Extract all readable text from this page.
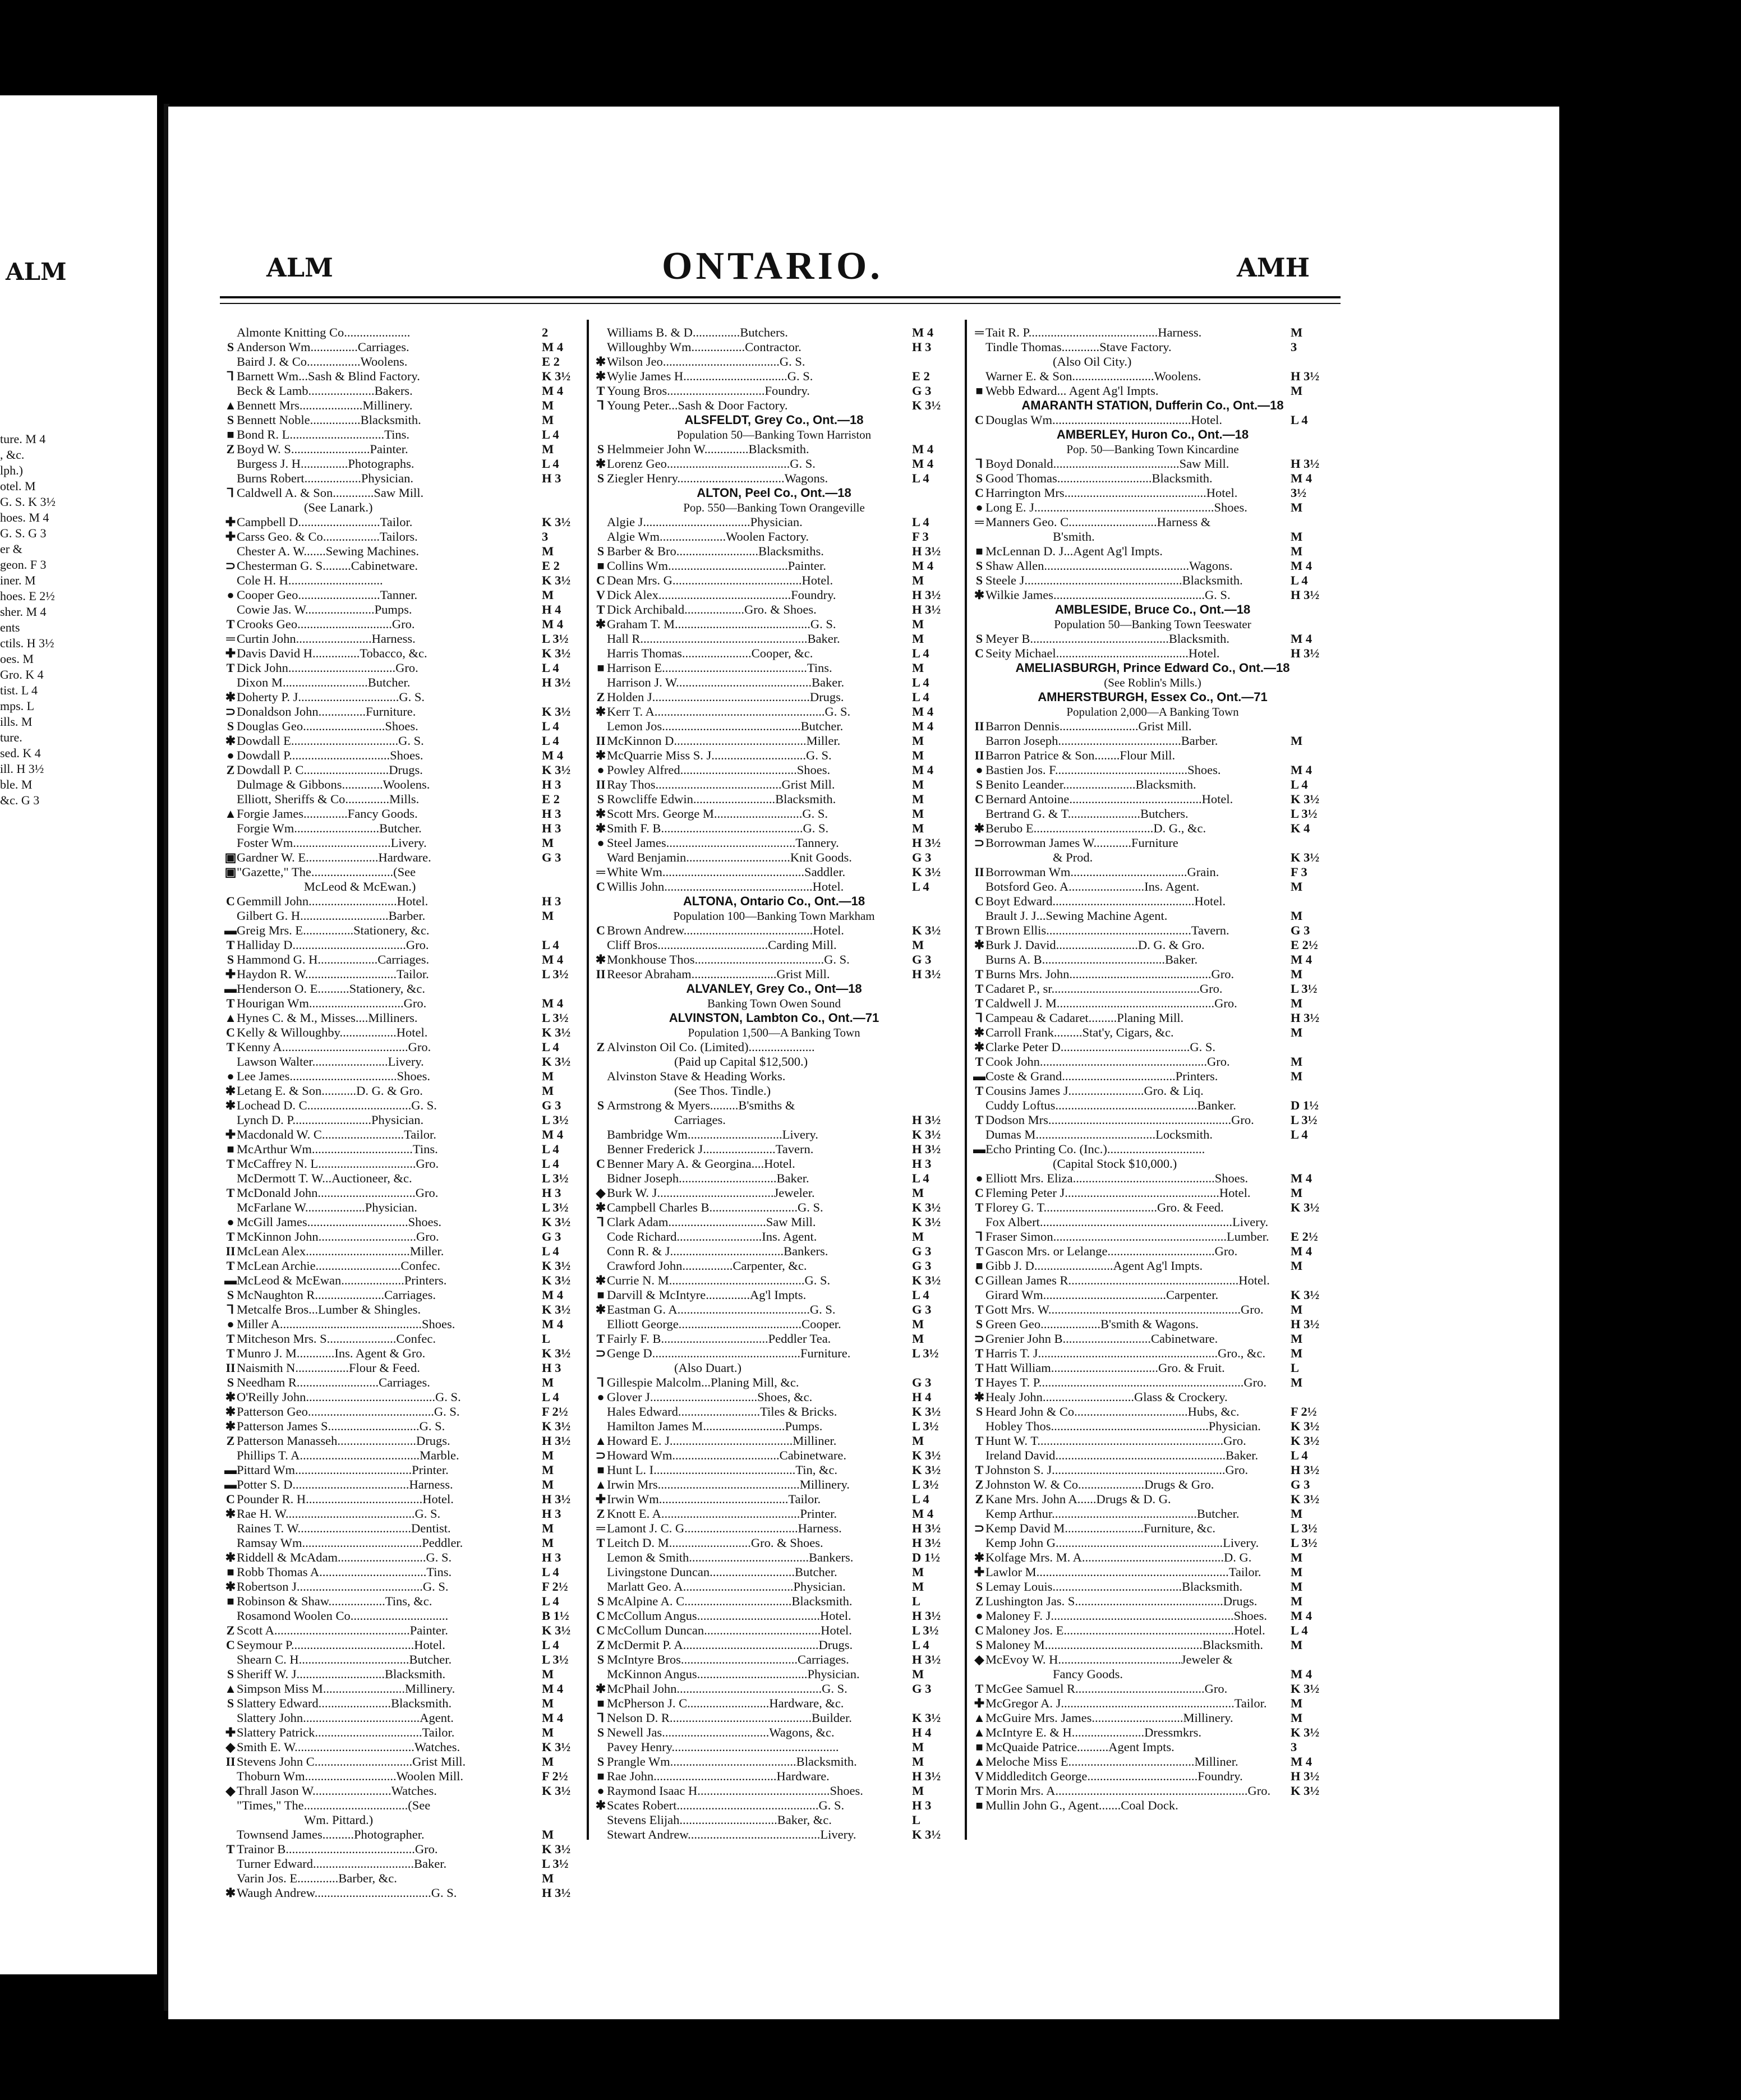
ALM
ture. M 4
, &c.
lph.)
otel. M
G. S. K 3½
hoes. M 4
G. S. G 3
er &
geon. F 3
iner. M
hoes. E 2½
sher. M 4
ents
ctils. H 3½
oes. M
Gro. K 4
tist. L 4
mps. L
ills. M
ture.
sed. K 4
ill. H 3½
ble. M
&c. G 3
ALM	ONTARIO.	AMH
Almonte Knitting Co.....................	2
S Anderson Wm...............Carriages.	M 4
Baird J. & Co.................Woolens.	E 2
⅂ Barnett Wm...Sash & Blind Factory.	K 3½
Beck & Lamb.....................Bakers.	M 4
▲ Bennett Mrs....................Millinery.	M
S Bennett Noble................Blacksmith.	M
■ Bond R. L..............................Tins.	L 4
Z Boyd W. S.........................Painter.	M
Burgess J. H...............Photographs.	L 4
Burns Robert..................Physician.	H 3
⅂ Caldwell A. & Son.............Saw Mill.
(See Lanark.)
✚ Campbell D..........................Tailor.	K 3½
✚ Carss Geo. & Co..................Tailors.	3
Chester A. W.......Sewing Machines.	M
⊃ Chesterman G. S.........Cabinetware.	E 2
Cole H. H..............................	K 3½
● Cooper Geo..........................Tanner.	M
Cowie Jas. W......................Pumps.	H 4
T Crooks Geo..............................Gro.	M 4
═ Curtin John........................Harness.	L 3½
✚ Davis David H...............Tobacco, &c.	K 3½
T Dick John..................................Gro.	L 4
Dixon M...........................Butcher.	H 3½
✱ Doherty P. J................................G. S.
⊃ Donaldson John...............Furniture.	K 3½
S Douglas Geo..........................Shoes.	L 4
✱ Dowdall E..................................G. S.	L 4
● Dowdall P................................Shoes.	M 4
Z Dowdall P. C...........................Drugs.	K 3½
Dulmage & Gibbons.............Woolens.	H 3
Elliott, Sheriffs & Co..............Mills.	E 2
▲ Forgie James..............Fancy Goods.	H 3
Forgie Wm...........................Butcher.	H 3
Foster Wm...............................Livery.	M
▣ Gardner W. E.......................Hardware.	G 3
▣ "Gazette," The..........................(See
McLeod & McEwan.)
C Gemmill John............................Hotel.	H 3
Gilbert G. H............................Barber.	M
▬ Greig Mrs. E................Stationery, &c.
T Halliday D....................................Gro.	L 4
S Hammond G. H...................Carriages.	M 4
✚ Haydon R. W.............................Tailor.	L 3½
▬ Henderson O. E..........Stationery, &c.
T Hourigan Wm..............................Gro.	M 4
▲ Hynes C. & M., Misses....Milliners.	L 3½
C Kelly & Willoughby..................Hotel.	K 3½
T Kenny A........................................Gro.	L 4
Lawson Walter........................Livery.	K 3½
● Lee James..................................Shoes.	M
✱ Letang E. & Son...........D. G. & Gro.	M
✱ Lochead D. C.................................G. S.	G 3
Lynch D. P.........................Physician.	L 3½
✚ Macdonald W. C..........................Tailor.	M 4
■ McArthur Wm................................Tins.	L 4
T McCaffrey N. L...............................Gro.	L 4
McDermott T. W...Auctioneer, &c.	L 3½
T McDonald John...............................Gro.	H 3
McFarlane W...................Physician.	L 3½
● McGill James................................Shoes.	K 3½
T McKinnon John...............................Gro.	G 3
II McLean Alex.................................Miller.	L 4
T McLean Archie...........................Confec.	K 3½
▬ McLeod & McEwan....................Printers.	K 3½
S McNaughton R......................Carriages.	M 4
⅂ Metcalfe Bros...Lumber & Shingles.	K 3½
● Miller A.............................................Shoes.	M 4
T Mitcheson Mrs. S......................Confec.	L
T Munro J. M............Ins. Agent & Gro.	K 3½
II Naismith N.................Flour & Feed.	H 3
S Needham R..........................Carriages.	M
✱ O'Reilly John.........................................G. S.	L 4
✱ Patterson Geo........................................G. S.	F 2½
✱ Patterson James S.............................G. S.	K 3½
Z Patterson Manasseh.........................Drugs.	H 3½
Phillips T. A......................................Marble.	M
▬ Pittard Wm.....................................Printer.	M
▬ Potter S. D.....................................Harness.	M
C Pounder R. H.....................................Hotel.	H 3½
✱ Rae H. W.........................................G. S.	H 3
Raines T. W....................................Dentist.	M
Ramsay Wm......................................Peddler.	M
✱ Riddell & McAdam............................G. S.	H 3
■ Robb Thomas A..................................Tins.	L 4
✱ Robertson J........................................G. S.	F 2½
■ Robinson & Shaw..................Tins, &c.	L 4
Rosamond Woolen Co...............................	B 1½
Z Scott A...........................................Painter.	K 3½
C Seymour P.......................................Hotel.	L 4
Shearn C. H...................................Butcher.	L 3½
S Sheriff W. J............................Blacksmith.	M
▲ Simpson Miss M..........................Millinery.	M 4
S Slattery Edward.......................Blacksmith.	M
Slattery John.....................................Agent.	M 4
✚ Slattery Patrick..................................Tailor.	M
◆ Smith E. W......................................Watches.	K 3½
II Stevens John C...............................Grist Mill.	M
Thoburn Wm.............................Woolen Mill.	F 2½
◆ Thrall Jason W.........................Watches.	K 3½
"Times," The.................................(See
Wm. Pittard.)
Townsend James..........Photographer.	M
T Trainor B.........................................Gro.	K 3½
Turner Edward................................Baker.	L 3½
Varin Jos. E.............Barber, &c.	M
✱ Waugh Andrew.....................................G. S.	H 3½
Williams B. & D...............Butchers.	M 4
Willoughby Wm.................Contractor.	H 3
✱ Wilson Jeo.....................................G. S.
✱ Wylie James H.................................G. S.	E 2
T Young Bros...............................Foundry.	G 3
⅂ Young Peter...Sash & Door Factory.	K 3½
ALSFELDT, Grey Co., Ont.—18
Population 50—Banking Town Harriston
S Helmmeier John W..............Blacksmith.	M 4
✱ Lorenz Geo.......................................G. S.	M 4
S Ziegler Henry..................................Wagons.	L 4
ALTON, Peel Co., Ont.—18
Pop. 550—Banking Town Orangeville
Algie J..................................Physician.	L 4
Algie Wm.....................Woolen Factory.	F 3
S Barber & Bro..........................Blacksmiths.	H 3½
■ Collins Wm......................................Painter.	M 4
C Dean Mrs. G.........................................Hotel.	M
V Dick Alex..........................................Foundry.	H 3½
T Dick Archibald...................Gro. & Shoes.	H 3½
✱ Graham T. M...........................................G. S.	M
Hall R.....................................................Baker.	M
Harris Thomas......................Cooper, &c.	L 4
■ Harrison E..............................................Tins.	M
Harrison J. W...........................................Baker.	L 4
Z Holden J..................................................Drugs.	L 4
✱ Kerr T. A......................................................G. S.	M 4
Lemon Jos............................................Butcher.	M 4
II McKinnon D..........................................Miller.	M
✱ McQuarrie Miss S. J..............................G. S.	M
● Powley Alfred.....................................Shoes.	M 4
II Ray Thos........................................Grist Mill.	M
S Rowcliffe Edwin..........................Blacksmith.	M
✱ Scott Mrs. George M............................G. S.	M
✱ Smith F. B.............................................G. S.	M
● Steel James.........................................Tannery.	H 3½
Ward Benjamin.................................Knit Goods.	G 3
═ White Wm.............................................Saddler.	K 3½
C Willis John...............................................Hotel.	L 4
ALTONA, Ontario Co., Ont.—18
Population 100—Banking Town Markham
C Brown Andrew.........................................Hotel.	K 3½
Cliff Bros...................................Carding Mill.	M
✱ Monkhouse Thos.........................................G. S.	G 3
II Reesor Abraham...........................Grist Mill.	H 3½
ALVANLEY, Grey Co., Ont—18
Banking Town Owen Sound
ALVINSTON, Lambton Co., Ont.—71
Population 1,500—A Banking Town
Z Alvinston Oil Co. (Limited).....................
(Paid up Capital $12,500.)
Alvinston Stave & Heading Works.
(See Thos. Tindle.)
S Armstrong & Myers.........B'smiths &
Carriages.	H 3½
Bambridge Wm..............................Livery.	K 3½
Benner Frederick J.......................Tavern.	H 3½
C Benner Mary A. & Georgina....Hotel.	H 3
Bidner Joseph...............................Baker.	L 4
◆ Burk W. J.....................................Jeweler.	M
✱ Campbell Charles B............................G. S.	K 3½
⅂ Clark Adam...............................Saw Mill.	K 3½
Code Richard...........................Ins. Agent.	M
Conn R. & J....................................Bankers.	G 3
Crawford John................Carpenter, &c.	G 3
✱ Currie N. M...........................................G. S.	K 3½
■ Darvill & McIntyre..............Ag'l Impts.	L 4
✱ Eastman G. A..........................................G. S.	G 3
Elliott George.......................................Cooper.	M
T Fairly F. B..................................Peddler Tea.	M
⊃ Genge D...............................................Furniture.	L 3½
(Also Duart.)
⅂ Gillespie Malcolm...Planing Mill, &c.	G 3
● Glover J..................................Shoes, &c.	H 4
Hales Edward..........................Tiles & Bricks.	K 3½
Hamilton James M..........................Pumps.	L 3½
▲ Howard E. J.......................................Milliner.	M
⊃ Howard Wm..................................Cabinetware.	K 3½
■ Hunt L. I.............................................Tin, &c.	K 3½
▲ Irwin Mrs.............................................Millinery.	L 3½
✚ Irwin Wm.........................................Tailor.	L 4
Z Knott E. A............................................Printer.	M 4
═ Lamont J. C. G....................................Harness.	H 3½
T Leitch D. M..........................Gro. & Shoes.	H 3½
Lemon & Smith......................................Bankers.	D 1½
Livingstone Duncan...........................Butcher.	M
Marlatt Geo. A...................................Physician.	M
S McAlpine A. C..................................Blacksmith.	L
C McCollum Angus.......................................Hotel.	H 3½
C McCollum Duncan.....................................Hotel.	L 3½
Z McDermit P. A...........................................Drugs.	L 4
S McIntyre Bros.....................................Carriages.	H 3½
McKinnon Angus...................................Physician.	M
✱ McPhail John..............................................G. S.	G 3
■ McPherson J. C..........................Hardware, &c.
⅂ Nelson D. R.............................................Builder.	K 3½
S Newell Jas..................................Wagons, &c.	H 4
Pavey Henry.....................................................	M
S Prangle Wm........................................Blacksmith.	M
■ Rae John.......................................Hardware.	H 3½
● Raymond Isaac H..........................................Shoes.	M
✱ Scates Robert.............................................G. S.	H 3
Stevens Elijah...............................Baker, &c.	L
Stewart Andrew..........................................Livery.	K 3½
═ Tait R. P.........................................Harness.	M
Tindle Thomas............Stave Factory.	3
(Also Oil City.)
Warner E. & Son..........................Woolens.	H 3½
■ Webb Edward... Agent Ag'l Impts.	M
AMARANTH STATION, Dufferin Co., Ont.—18
C Douglas Wm............................................Hotel.	L 4
AMBERLEY, Huron Co., Ont.—18
Pop. 50—Banking Town Kincardine
⅂ Boyd Donald........................................Saw Mill.	H 3½
S Good Thomas..............................Blacksmith.	M 4
C Harrington Mrs.............................................Hotel.	3½
● Long E. J.........................................................Shoes.	M
═ Manners Geo. C............................Harness &
B'smith.	M
■ McLennan D. J...Agent Ag'l Impts.	M
S Shaw Allen..............................................Wagons.	M 4
S Steele J..................................................Blacksmith.	L 4
✱ Wilkie James................................................G. S.	H 3½
AMBLESIDE, Bruce Co., Ont.—18
Population 50—Banking Town Teeswater
S Meyer B............................................Blacksmith.	M 4
C Seity Michael..........................................Hotel.	H 3½
AMELIASBURGH, Prince Edward Co., Ont.—18
(See Roblin's Mills.)
AMHERSTBURGH, Essex Co., Ont.—71
Population 2,000—A Banking Town
II Barron Dennis.........................Grist Mill.
Barron Joseph.......................................Barber.	M
II Barron Patrice & Son........Flour Mill.
● Bastien Jos. F..........................................Shoes.	M 4
S Benito Leander.......................Blacksmith.	L 4
C Bernard Antoine..........................................Hotel.	K 3½
Bertrand G. & T.......................Butchers.	L 3½
✱ Berubo E......................................D. G., &c.	K 4
⊃ Borrowman James W............Furniture
& Prod.	K 3½
II Borrowman Wm.....................................Grain.	F 3
Botsford Geo. A........................Ins. Agent.	M
C Boyt Edward.............................................Hotel.
Brault J. J...Sewing Machine Agent.	M
T Brown Ellis..............................................Tavern.	G 3
✱ Burk J. David..........................D. G. & Gro.	E 2½
Burns A. B.......................................Baker.	M 4
T Burns Mrs. John.............................................Gro.	M
T Cadaret P., sr...............................................Gro.	L 3½
T Caldwell J. M..................................................Gro.	M
⅂ Campeau & Cadaret.........Planing Mill.	H 3½
✱ Carroll Frank.........Stat'y, Cigars, &c.	M
✱ Clarke Peter D.........................................G. S.
T Cook John.....................................................Gro.	M
▬ Coste & Grand....................................Printers.	M
T Cousins James J........................Gro. & Liq.
Cuddy Loftus.............................................Banker.	D 1½
T Dodson Mrs..........................................................Gro.	L 3½
Dumas M......................................Locksmith.	L 4
▬ Echo Printing Co. (Inc.)...............................
(Capital Stock $10,000.)
● Elliott Mrs. Eliza.............................................Shoes.	M 4
C Fleming Peter J.................................................Hotel.	M
T Florey G. T....................................Gro. & Feed.	K 3½
Fox Albert.............................................................Livery.
⅂ Fraser Simon.......................................................Lumber.	E 2½
T Gascon Mrs. or Lelange..................................Gro.	M 4
■ Gibb J. D.........................Agent Ag'l Impts.	M
C Gillean James R......................................................Hotel.
Girard Wm.......................................Carpenter.	K 3½
T Gott Mrs. W.............................................................Gro.	M
S Green Geo...................B'smith & Wagons.	H 3½
⊃ Grenier John B............................Cabinetware.	M
T Harris T. J.........................................................Gro., &c.	M
T Hatt William..................................Gro. & Fruit.	L
T Hayes T. P.................................................................Gro.	M
✱ Healy John.............................Glass & Crockery.
S Heard John & Co....................................Hubs, &c.	F 2½
Hobley Thos..................................................Physician.	K 3½
T Hunt W. T...........................................................Gro.	K 3½
Ireland David......................................................Baker.	L 4
T Johnston S. J.......................................................Gro.	H 3½
Z Johnston W. & Co.....................Drugs & Gro.	G 3
Z Kane Mrs. John A......Drugs & D. G.	K 3½
Kemp Arthur..............................................Butcher.	M
⊃ Kemp David M.........................Furniture, &c.	L 3½
Kemp John G.....................................................Livery.	L 3½
✱ Kolfage Mrs. M. A.............................................D. G.	M
✚ Lawlor M.............................................................Tailor.	M
S Lemay Louis.........................................Blacksmith.	M
Z Lushington Jas. S...............................................Drugs.	M
● Maloney F. J..........................................................Shoes.	M 4
C Maloney Jos. E......................................................Hotel.	L 4
S Maloney M..................................................Blacksmith.	M
◆ McEvoy W. H.......................................Jeweler &
Fancy Goods.	M 4
T McGee Samuel R.........................................Gro.	K 3½
✚ McGregor A. J.......................................................Tailor.	M
▲ McGuire Mrs. James.............................Millinery.	M
▲ McIntyre E. & H.......................Dressmkrs.	K 3½
■ McQuaide Patrice..........Agent Impts.	3
▲ Meloche Miss E........................................Milliner.	M 4
V Middleditch George...................................Foundry.	H 3½
T Morin Mrs. A.............................................................Gro.	K 3½
■ Mullin John G., Agent.......Coal Dock.
